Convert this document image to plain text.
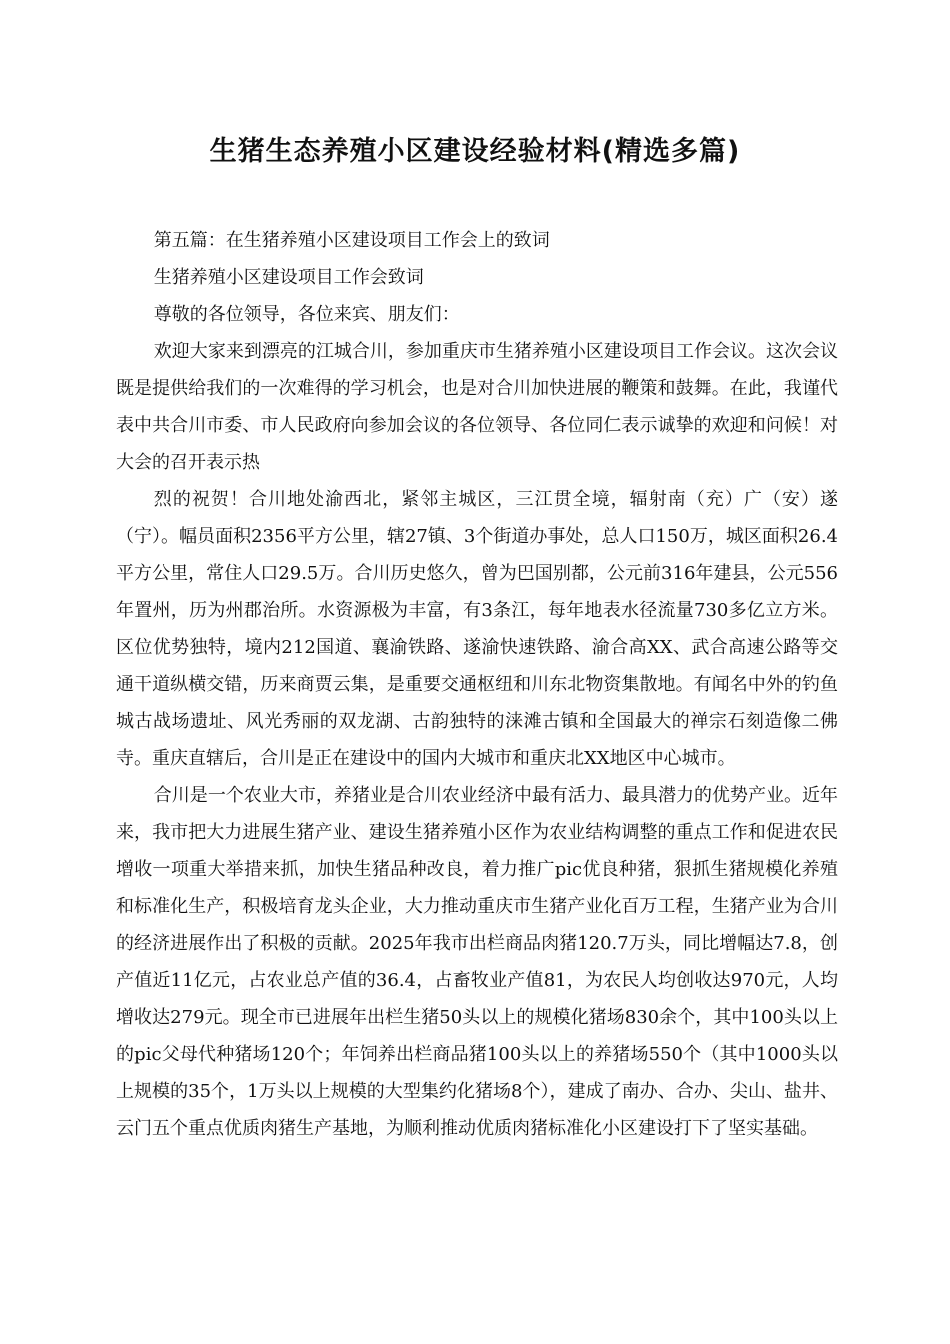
生猪生态养殖小区建设经验材料(精选多篇)

第五篇：在生猪养殖小区建设项目工作会上的致词

生猪养殖小区建设项目工作会致词

尊敬的各位领导，各位来宾、朋友们：

欢迎大家来到漂亮的江城合川，参加重庆市生猪养殖小区建设项目工作会议。这次会议既是提供给我们的一次难得的学习机会，也是对合川加快进展的鞭策和鼓舞。在此，我谨代表中共合川市委、市人民政府向参加会议的各位领导、各位同仁表示诚挚的欢迎和问候！对大会的召开表示热

烈的祝贺！合川地处渝西北，紧邻主城区，三江贯全境，辐射南（充）广（安）遂（宁）。幅员面积2356平方公里，辖27镇、3个街道办事处，总人口150万，城区面积26.4平方公里，常住人口29.5万。合川历史悠久，曾为巴国别都，公元前316年建县，公元556年置州，历为州郡治所。水资源极为丰富，有3条江，每年地表水径流量730多亿立方米。区位优势独特，境内212国道、襄渝铁路、遂渝快速铁路、渝合高XX、武合高速公路等交通干道纵横交错，历来商贾云集，是重要交通枢纽和川东北物资集散地。有闻名中外的钓鱼城古战场遗址、风光秀丽的双龙湖、古韵独特的涞滩古镇和全国最大的禅宗石刻造像二佛寺。重庆直辖后，合川是正在建设中的国内大城市和重庆北XX地区中心城市。

合川是一个农业大市，养猪业是合川农业经济中最有活力、最具潜力的优势产业。近年来，我市把大力进展生猪产业、建设生猪养殖小区作为农业结构调整的重点工作和促进农民增收一项重大举措来抓，加快生猪品种改良，着力推广pic优良种猪，狠抓生猪规模化养殖和标准化生产，积极培育龙头企业，大力推动重庆市生猪产业化百万工程，生猪产业为合川的经济进展作出了积极的贡献。2025年我市出栏商品肉猪120.7万头，同比增幅达7.8，创产值近11亿元，占农业总产值的36.4，占畜牧业产值81，为农民人均创收达970元，人均增收达279元。现全市已进展年出栏生猪50头以上的规模化猪场830余个，其中100头以上的pic父母代种猪场120个；年饲养出栏商品猪100头以上的养猪场550个（其中1000头以上规模的35个，1万头以上规模的大型集约化猪场8个），建成了南办、合办、尖山、盐井、云门五个重点优质肉猪生产基地，为顺利推动优质肉猪标准化小区建设打下了坚实基础。
